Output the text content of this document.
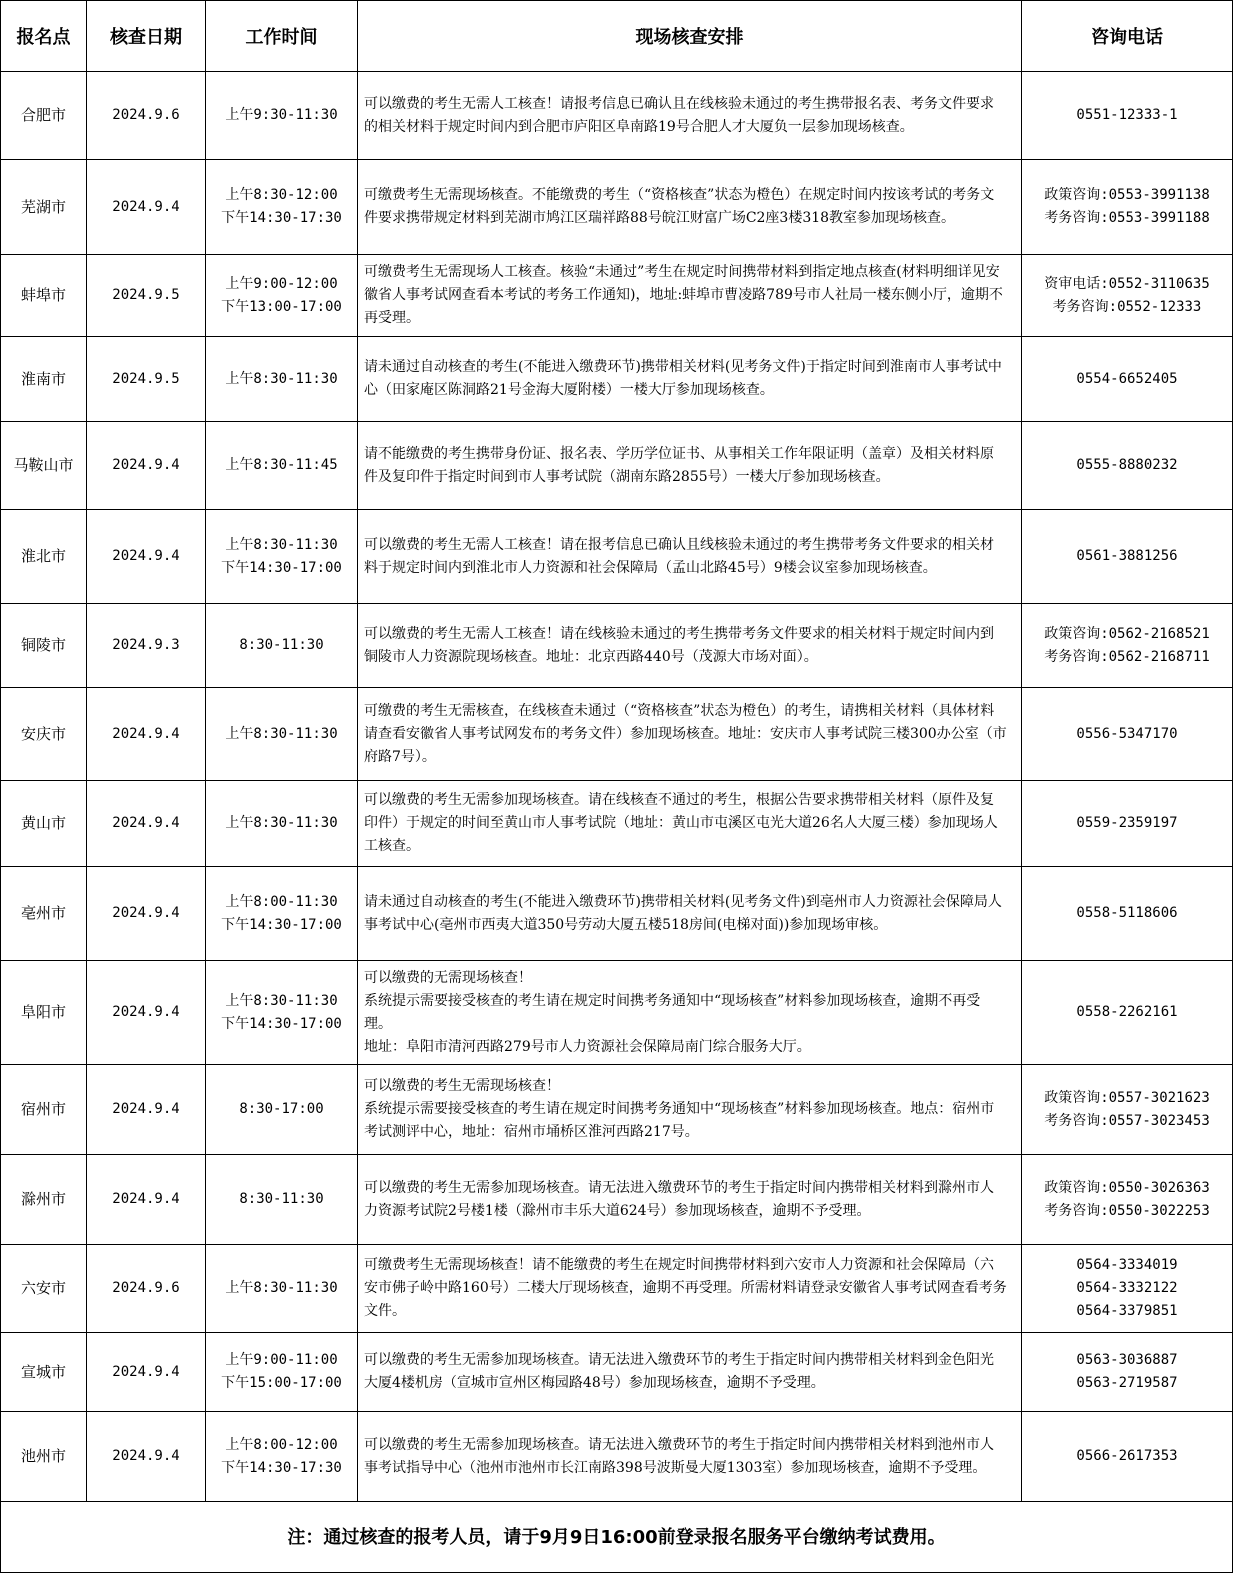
报名点	核查日期	工作时间	现场核查安排	咨询电话
合肥市	2024.9.6	上午9:30-11:30	可以缴费的考生无需人工核查！请报考信息已确认且在线核验未通过的考生携带报名表、考务文件要求的相关材料于规定时间内到合肥市庐阳区阜南路19号合肥人才大厦负一层参加现场核查。	0551-12333-1

芜湖市	2024.9.4	上午8:30-12:00
下午14:30-17:30	可缴费考生无需现场核查。不能缴费的考生（“资格核查”状态为橙色）在规定时间内按该考试的考务文件要求携带规定材料到芜湖市鸠江区瑞祥路88号皖江财富广场C2座3楼318教室参加现场核查。	政策咨询:0553-3991138
考务咨询:0553-3991188

蚌埠市	2024.9.5	上午9:00-12:00
下午13:00-17:00	可缴费考生无需现场人工核查。核验“未通过”考生在规定时间携带材料到指定地点核查(材料明细详见安徽省人事考试网查看本考试的考务工作通知)，地址:蚌埠市曹凌路789号市人社局一楼东侧小厅，逾期不再受理。	资审电话:0552-3110635
考务咨询:0552-12333

淮南市	2024.9.5	上午8:30-11:30	请未通过自动核查的考生(不能进入缴费环节)携带相关材料(见考务文件)于指定时间到淮南市人事考试中心（田家庵区陈洞路21号金海大厦附楼）一楼大厅参加现场核查。	0554-6652405

马鞍山市	2024.9.4	上午8:30-11:45	请不能缴费的考生携带身份证、报名表、学历学位证书、从事相关工作年限证明（盖章）及相关材料原件及复印件于指定时间到市人事考试院（湖南东路2855号）一楼大厅参加现场核查。	0555-8880232

淮北市	2024.9.4	上午8:30-11:30
下午14:30-17:00	可以缴费的考生无需人工核查！请在报考信息已确认且线核验未通过的考生携带考务文件要求的相关材料于规定时间内到淮北市人力资源和社会保障局（孟山北路45号）9楼会议室参加现场核查。	0561-3881256

铜陵市	2024.9.3	8:30-11:30	可以缴费的考生无需人工核查！请在线核验未通过的考生携带考务文件要求的相关材料于规定时间内到铜陵市人力资源院现场核查。地址：北京西路440号（茂源大市场对面）。	政策咨询:0562-2168521
考务咨询:0562-2168711

安庆市	2024.9.4	上午8:30-11:30	可缴费的考生无需核查，在线核查未通过（“资格核查”状态为橙色）的考生，请携相关材料（具体材料请查看安徽省人事考试网发布的考务文件）参加现场核查。地址：安庆市人事考试院三楼300办公室（市府路7号）。	0556-5347170

黄山市	2024.9.4	上午8:30-11:30	可以缴费的考生无需参加现场核查。请在线核查不通过的考生，根据公告要求携带相关材料（原件及复印件）于规定的时间至黄山市人事考试院（地址：黄山市屯溪区屯光大道26名人大厦三楼）参加现场人工核查。	0559-2359197

亳州市	2024.9.4	上午8:00-11:30
下午14:30-17:00	请未通过自动核查的考生(不能进入缴费环节)携带相关材料(见考务文件)到亳州市人力资源社会保障局人事考试中心(亳州市西夷大道350号劳动大厦五楼518房间(电梯对面))参加现场审核。	0558-5118606

阜阳市	2024.9.4	上午8:30-11:30
下午14:30-17:00	可以缴费的无需现场核查！
系统提示需要接受核查的考生请在规定时间携考务通知中“现场核查”材料参加现场核查，逾期不再受理。
地址：阜阳市清河西路279号市人力资源社会保障局南门综合服务大厅。	0558-2262161

宿州市	2024.9.4	8:30-17:00	可以缴费的考生无需现场核查！
系统提示需要接受核查的考生请在规定时间携考务通知中“现场核查”材料参加现场核查。地点：宿州市考试测评中心，地址：宿州市埇桥区淮河西路217号。	政策咨询:0557-3021623
考务咨询:0557-3023453

滁州市	2024.9.4	8:30-11:30	可以缴费的考生无需参加现场核查。请无法进入缴费环节的考生于指定时间内携带相关材料到滁州市人力资源考试院2号楼1楼（滁州市丰乐大道624号）参加现场核查，逾期不予受理。	政策咨询:0550-3026363
考务咨询:0550-3022253

六安市	2024.9.6	上午8:30-11:30	可缴费考生无需现场核查！请不能缴费的考生在规定时间携带材料到六安市人力资源和社会保障局（六安市佛子岭中路160号）二楼大厅现场核查，逾期不再受理。所需材料请登录安徽省人事考试网查看考务文件。	0564-3334019
0564-3332122
0564-3379851

宣城市	2024.9.4	上午9:00-11:00
下午15:00-17:00	可以缴费的考生无需参加现场核查。请无法进入缴费环节的考生于指定时间内携带相关材料到金色阳光大厦4楼机房（宣城市宣州区梅园路48号）参加现场核查，逾期不予受理。	0563-3036887
0563-2719587

池州市	2024.9.4	上午8:00-12:00
下午14:30-17:30	可以缴费的考生无需参加现场核查。请无法进入缴费环节的考生于指定时间内携带相关材料到池州市人事考试指导中心（池州市池州市长江南路398号波斯曼大厦1303室）参加现场核查，逾期不予受理。	0566-2617353

注：通过核查的报考人员，请于9月9日16:00前登录报名服务平台缴纳考试费用。				
